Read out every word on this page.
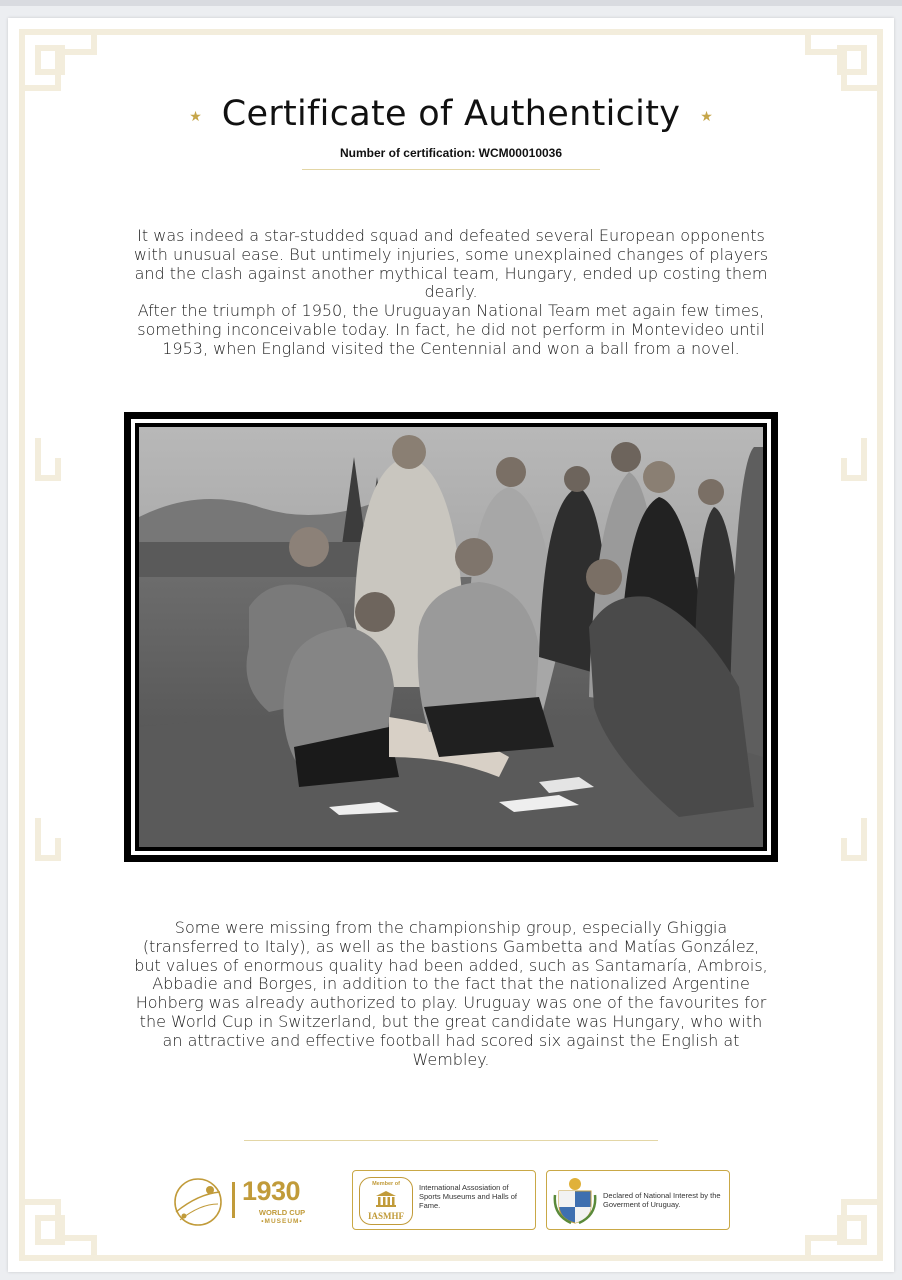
★ Certificate of Authenticity ★
Number of certification: WCM00010036
It was indeed a star-studded squad and defeated several European opponents with unusual ease. But untimely injuries, some unexplained changes of players and the clash against another mythical team, Hungary, ended up costing them dearly.
After the triumph of 1950, the Uruguayan National Team met again few times, something inconceivable today. In fact, he did not perform in Montevideo until 1953, when England visited the Centennial and won a ball from a novel.
Some were missing from the championship group, especially Ghiggia (transferred to Italy), as well as the bastions Gambetta and Matías González, but values of enormous quality had been added, such as Santamaría, Ambrois, Abbadie and Borges, in addition to the fact that the nationalized Argentine Hohberg was already authorized to play. Uruguay was one of the favourites for the World Cup in Switzerland, but the great candidate was Hungary, who with an attractive and effective football had scored six against the English at Wembley.
1930
WORLD CUP
•MUSEUM•
Member of
IASMHF
International Assosiation of Sports Museums and Halls of Fame.
Declared of National Interest by the Goverment of Uruguay.
